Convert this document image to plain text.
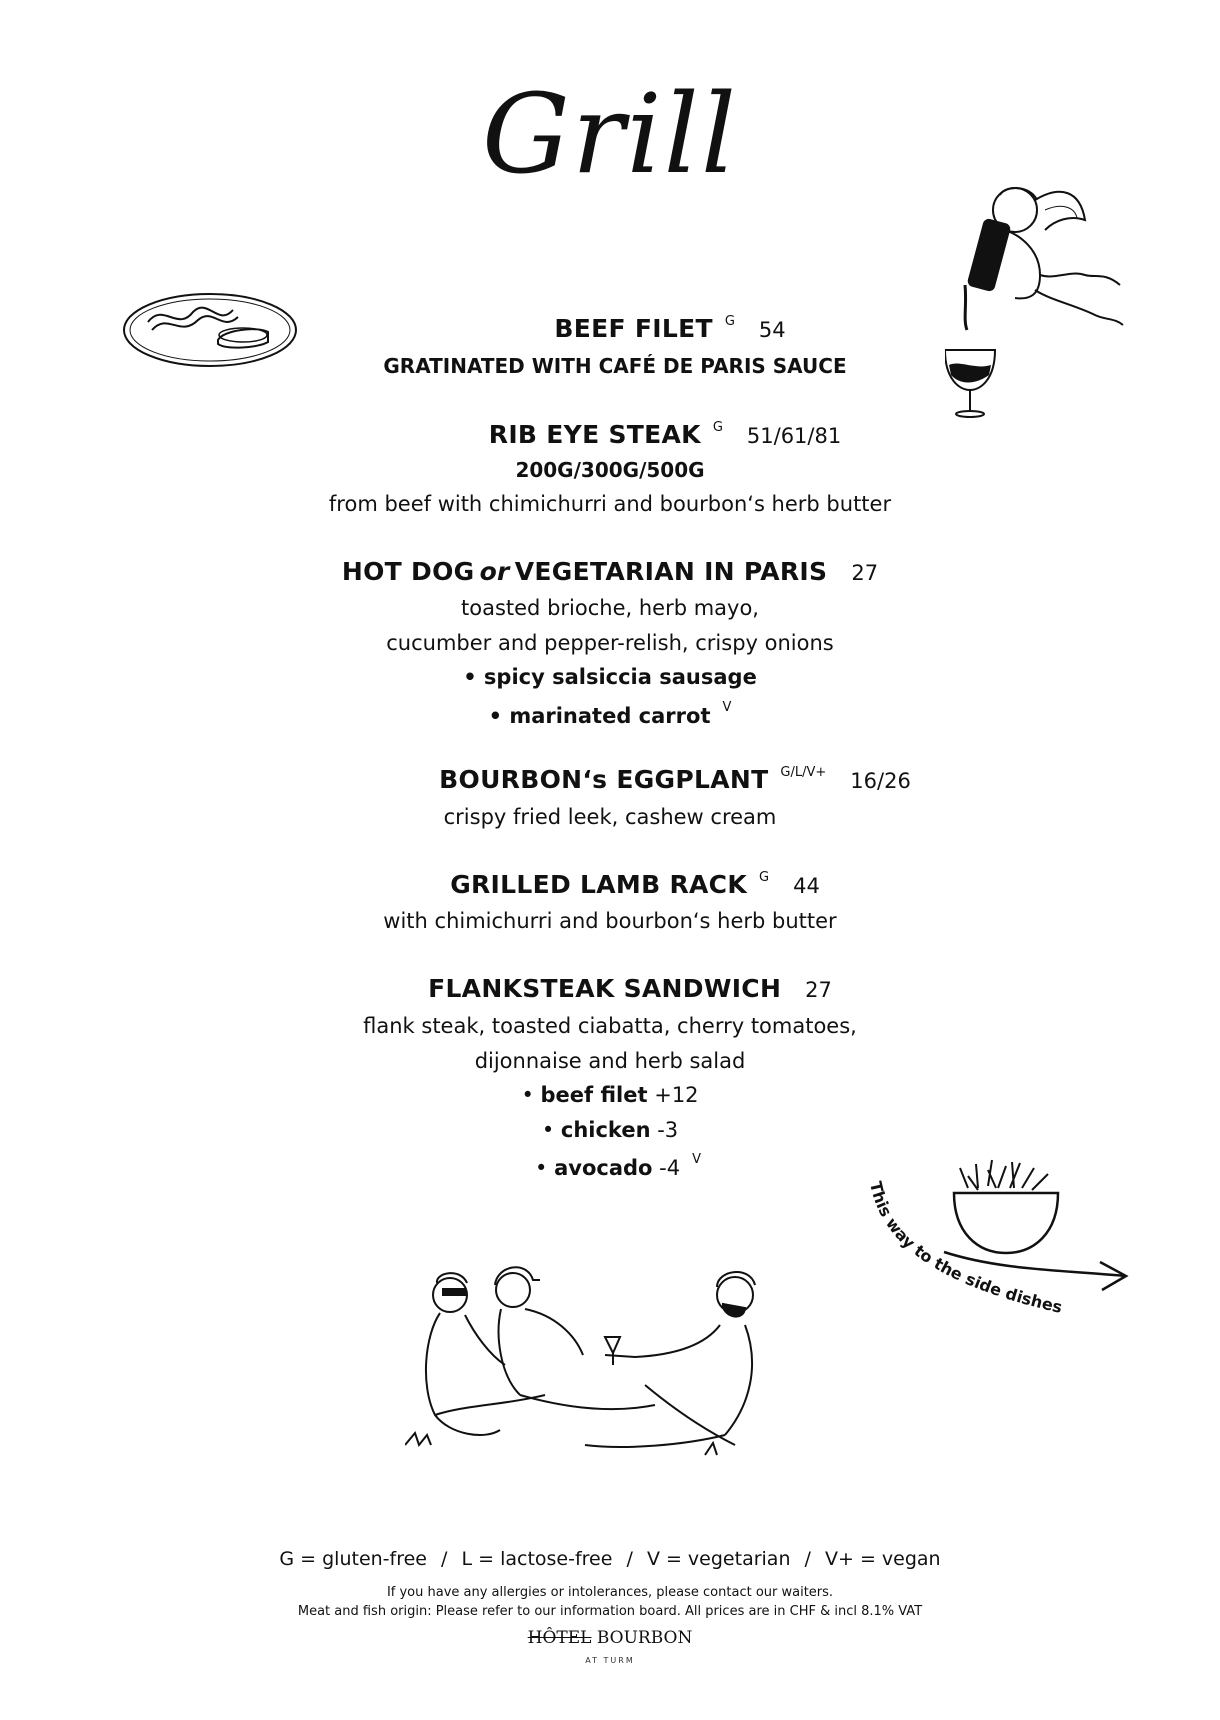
Grill
BEEF FILET $^G$ 54
GRATINATED WITH CAFÉ DE PARIS SAUCE
RIB EYE STEAK $^G$ 51/61/81
200G/300G/500G
from beef with chimichurri and bourbon‘s herb butter
HOT DOG or VEGETARIAN IN PARIS 27
toasted brioche, herb mayo,
cucumber and pepper-relish, crispy onions
• spicy salsiccia sausage
• marinated carrot $^V$
BOURBON‘s EGGPLANT $^{G/L/V+}$ 16/26
crispy fried leek, cashew cream
GRILLED LAMB RACK $^G$ 44
with chimichurri and bourbon‘s herb butter
FLANKSTEAK SANDWICH 27
flank steak, toasted ciabatta, cherry tomatoes,
dijonnaise and herb salad
• beef filet +12
• chicken -3
• avocado -4 $^V$
This way to the side dishes
G = gluten-free / L = lactose-free / V = vegetarian / V+ = vegan
If you have any allergies or intolerances, please contact our waiters.
Meat and fish origin: Please refer to our information board. All prices are in CHF & incl 8.1% VAT
HÔTEL BOURBON
AT TURM
